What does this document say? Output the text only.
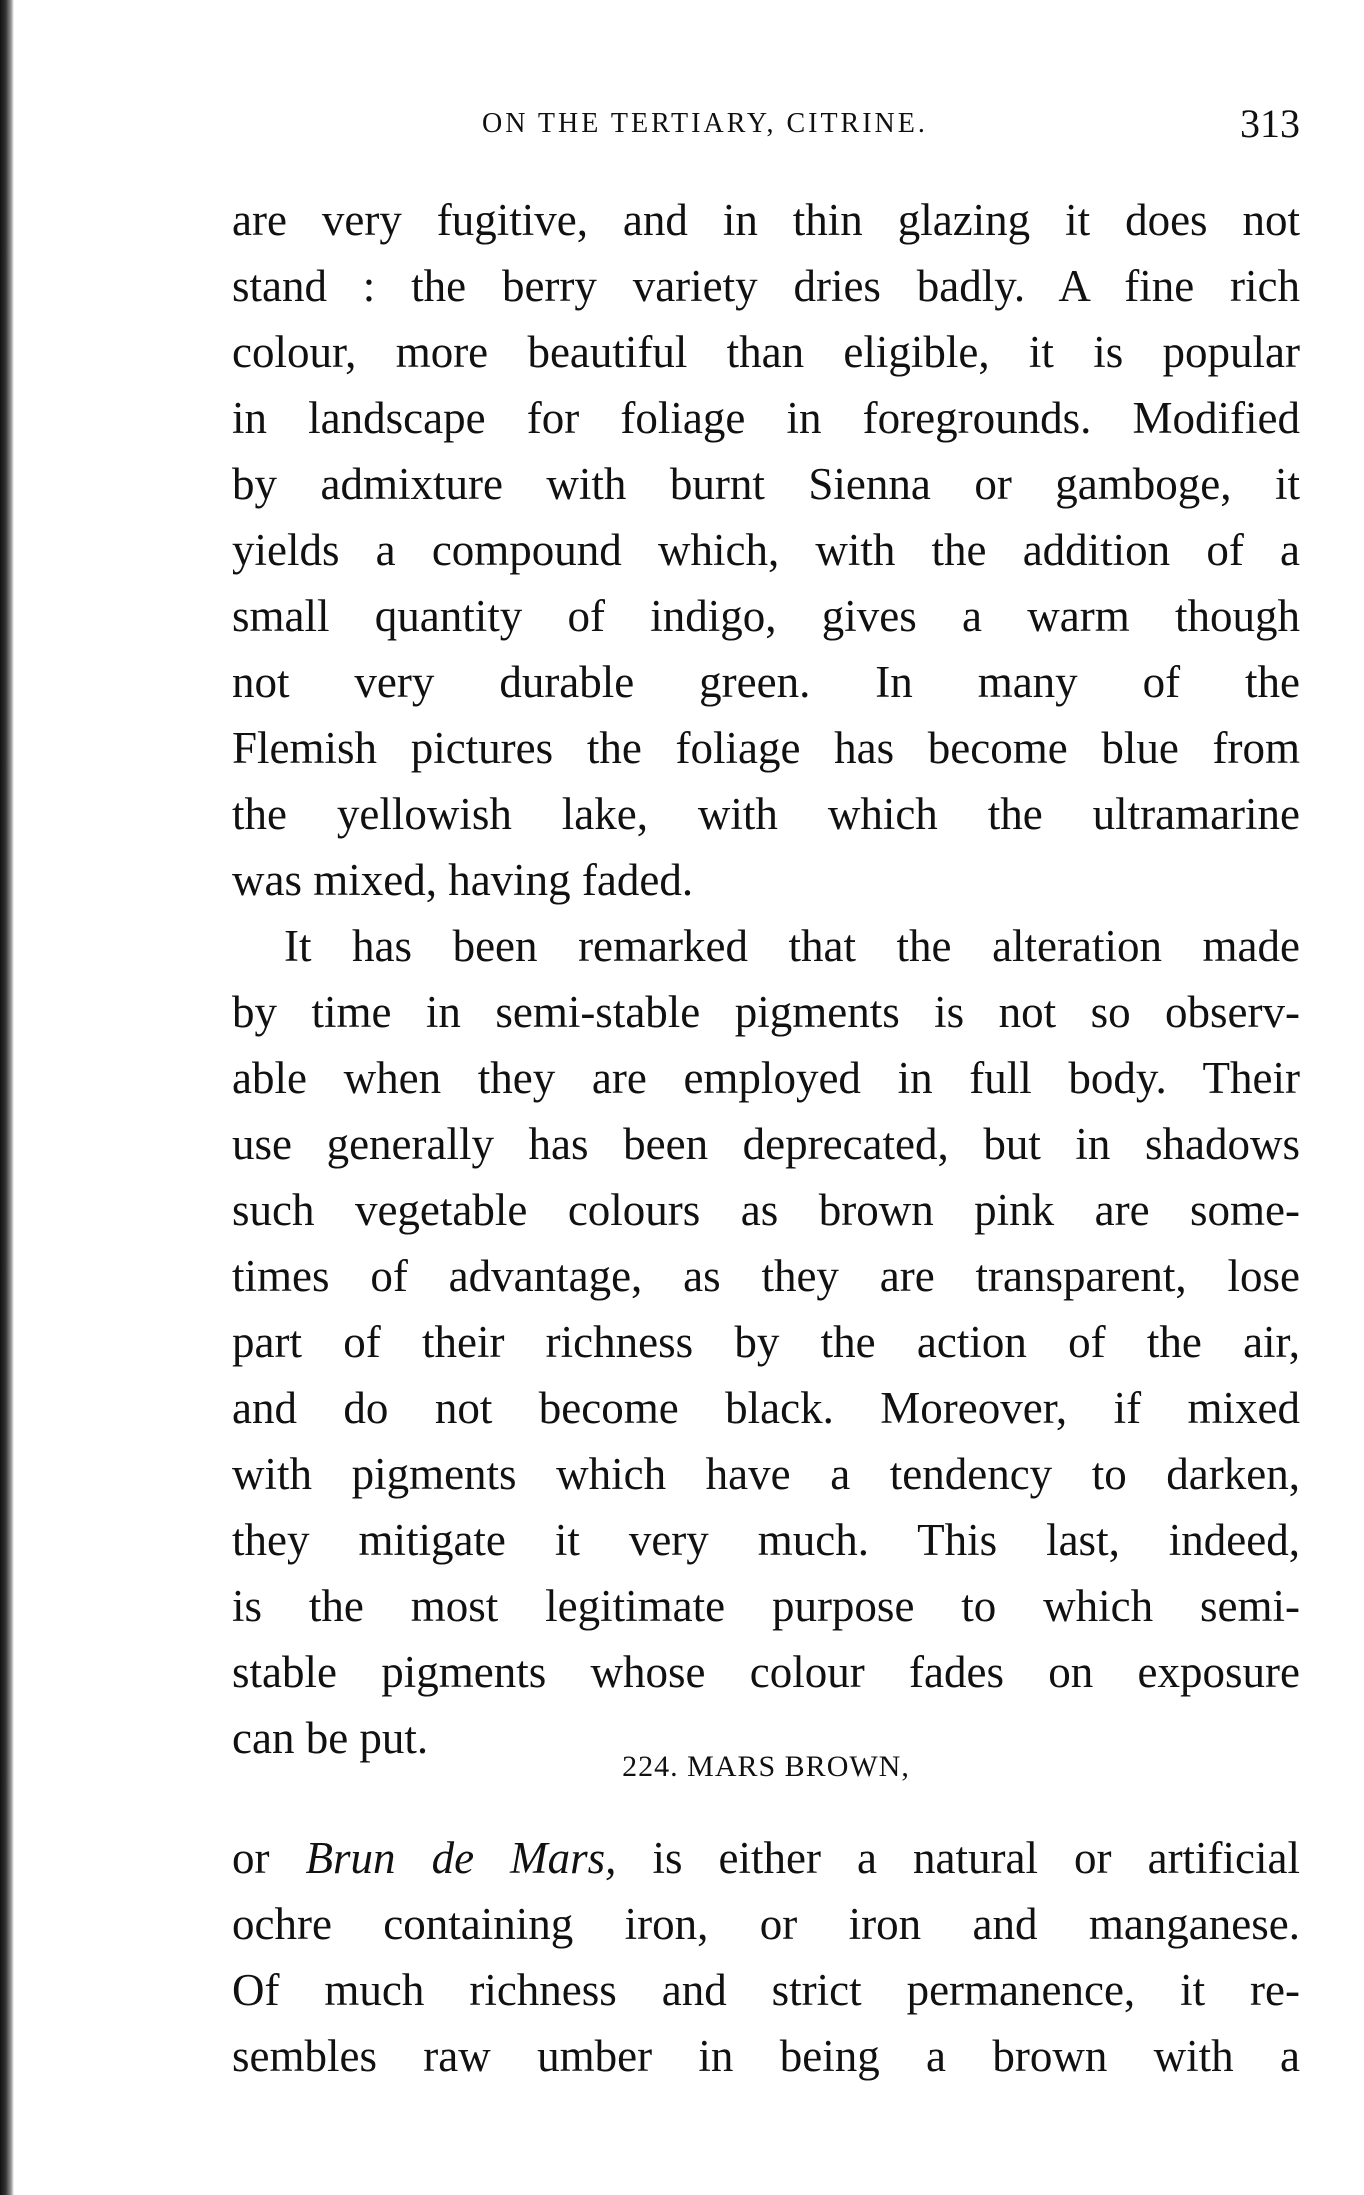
ON THE TERTIARY, CITRINE.	313
are very fugitive, and in thin glazing it does not
stand : the berry variety dries badly. A fine rich
colour, more beautiful than eligible, it is popular
in landscape for foliage in foregrounds. Modified
by admixture with burnt Sienna or gamboge, it
yields a compound which, with the addition of a
small quantity of indigo, gives a warm though
not very durable green. In many of the
Flemish pictures the foliage has become blue from
the yellowish lake, with which the ultramarine
was mixed, having faded.
It has been remarked that the alteration made
by time in semi-stable pigments is not so observ-
able when they are employed in full body. Their
use generally has been deprecated, but in shadows
such vegetable colours as brown pink are some-
times of advantage, as they are transparent, lose
part of their richness by the action of the air,
and do not become black. Moreover, if mixed
with pigments which have a tendency to darken,
they mitigate it very much. This last, indeed,
is the most legitimate purpose to which semi-
stable pigments whose colour fades on exposure
can be put.
224. MARS BROWN,
or Brun de Mars, is either a natural or artificial
ochre containing iron, or iron and manganese.
Of much richness and strict permanence, it re-
sembles raw umber in being a brown with a
